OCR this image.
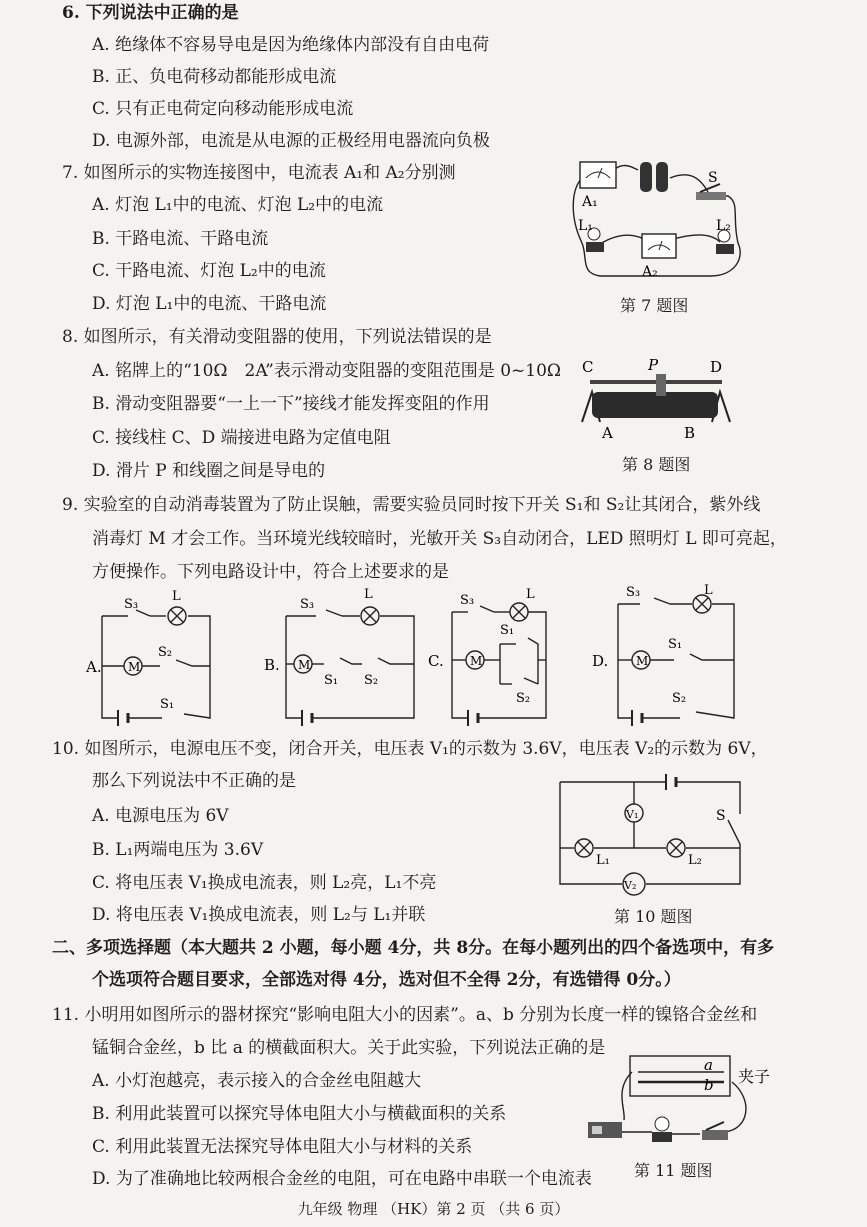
6. 下列说法中正确的是
A. 绝缘体不容易导电是因为绝缘体内部没有自由电荷
B. 正、负电荷移动都能形成电流
C. 只有正电荷定向移动能形成电流
D. 电源外部，电流是从电源的正极经用电器流向负极
7. 如图所示的实物连接图中，电流表 A₁和 A₂分别测
A. 灯泡 L₁中的电流、灯泡 L₂中的电流
B. 干路电流、干路电流
C. 干路电流、灯泡 L₂中的电流
D. 灯泡 L₁中的电流、干路电流
A₁
S
L₁
A₂
L₂
第 7 题图
8. 如图所示，有关滑动变阻器的使用，下列说法错误的是
A. 铭牌上的“10Ω　2A”表示滑动变阻器的变阻范围是 0~10Ω
B. 滑动变阻器要“一上一下”接线才能发挥变阻的作用
C. 接线柱 C、D 端接进电路为定值电阻
D. 滑片 P 和线圈之间是导电的
C	P	D
A	B
第 8 题图
9. 实验室的自动消毒装置为了防止误触，需要实验员同时按下开关 S₁和 S₂让其闭合，紫外线
消毒灯 M 才会工作。当环境光线较暗时，光敏开关 S₃自动闭合，LED 照明灯 L 即可亮起，
方便操作。下列电路设计中，符合上述要求的是
A.
S₃
L
M
S₂
S₁
B.
S₃
L
M
S₁ S₂
C.
S₃	L
M
S₁
S₂
D.
S₃	L
M
S₁
S₂
10. 如图所示，电源电压不变，闭合开关，电压表 V₁的示数为 3.6V，电压表 V₂的示数为 6V，
那么下列说法中不正确的是
A. 电源电压为 6V
B. L₁两端电压为 3.6V
C. 将电压表 V₁换成电流表，则 L₂亮，L₁不亮
D. 将电压表 V₁换成电流表，则 L₂与 L₁并联
V₁
V₂
L₁	L₂
S
第 10 题图
二、多项选择题（本大题共 2 小题，每小题 4分，共 8分。在每小题列出的四个备选项中，有多
个选项符合题目要求，全部选对得 4分，选对但不全得 2分，有选错得 0分。）
11. 小明用如图所示的器材探究“影响电阻大小的因素”。a、b 分别为长度一样的镍铬合金丝和
锰铜合金丝，b 比 a 的横截面积大。关于此实验，下列说法正确的是
A. 小灯泡越亮，表示接入的合金丝电阻越大
B. 利用此装置可以探究导体电阻大小与横截面积的关系
C. 利用此装置无法探究导体电阻大小与材料的关系
D. 为了准确地比较两根合金丝的电阻，可在电路中串联一个电流表
a
b 夹子
第 11 题图
九年级 物理 （HK）第 2 页 （共 6 页）
